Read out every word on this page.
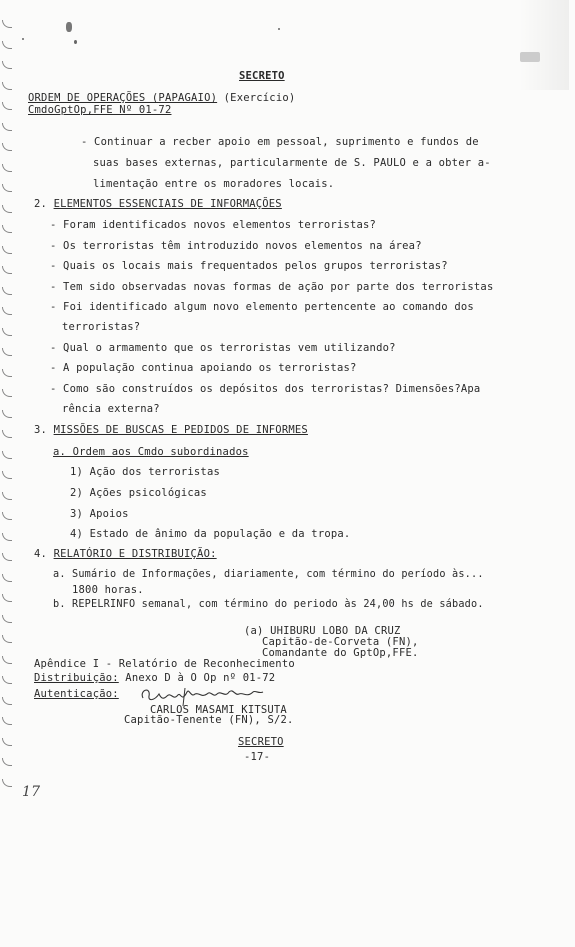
SECRETO
ORDEM DE OPERAÇÕES (PAPAGAIO) (Exercício)
CmdoGptOp,FFE Nº 01-72
- Continuar a recber apoio em pessoal, suprimento e fundos de
suas bases externas, particularmente de S. PAULO e a obter a-
limentação entre os moradores locais.
2. ELEMENTOS ESSENCIAIS DE INFORMAÇÕES
- Foram identificados novos elementos terroristas?
- Os terroristas têm introduzido novos elementos na área?
- Quais os locais mais frequentados pelos grupos terroristas?
- Tem sido observadas novas formas de ação por parte dos terroristas
- Foi identificado algum novo elemento pertencente ao comando dos
terroristas?
- Qual o armamento que os terroristas vem utilizando?
- A população continua apoiando os terroristas?
- Como são construídos os depósitos dos terroristas? Dimensões?Apa
rência externa?
3. MISSÕES DE BUSCAS E PEDIDOS DE INFORMES
a. Ordem aos Cmdo subordinados
1) Ação dos terroristas
2) Ações psicológicas
3) Apoios
4) Estado de ânimo da população e da tropa.
4. RELATÓRIO E DISTRIBUIÇÃO:
a. Sumário de Informações, diariamente, com término do período às...
1800 horas.
b. REPELRINFO semanal, com término do periodo às 24,00 hs de sábado.
(a) UHIBURU LOBO DA CRUZ
Capitão-de-Corveta (FN),
Comandante do GptOp,FFE.
Apêndice I - Relatório de Reconhecimento
Distribuição: Anexo D à O Op nº 01-72
Autenticação:
CARLOS MASAMI KITSUTA
Capitão-Tenente (FN), S/2.
SECRETO
-17-
17
